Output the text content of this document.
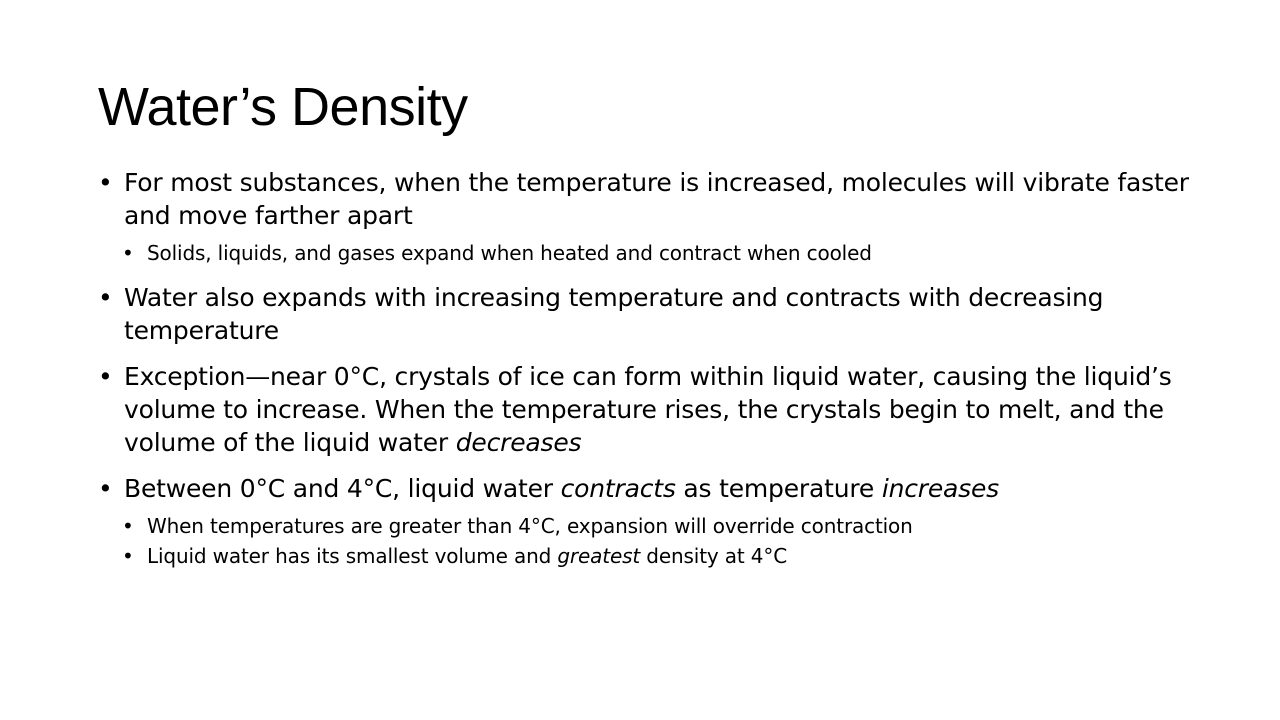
Water’s Density
• For most substances, when the temperature is increased, molecules will vibrate faster and move farther apart
• Solids, liquids, and gases expand when heated and contract when cooled
• Water also expands with increasing temperature and contracts with decreasing temperature
• Exception—near 0°C, crystals of ice can form within liquid water, causing the liquid’s volume to increase. When the temperature rises, the crystals begin to melt, and the volume of the liquid water decreases
• Between 0°C and 4°C, liquid water contracts as temperature increases
• When temperatures are greater than 4°C, expansion will override contraction
• Liquid water has its smallest volume and greatest density at 4°C
